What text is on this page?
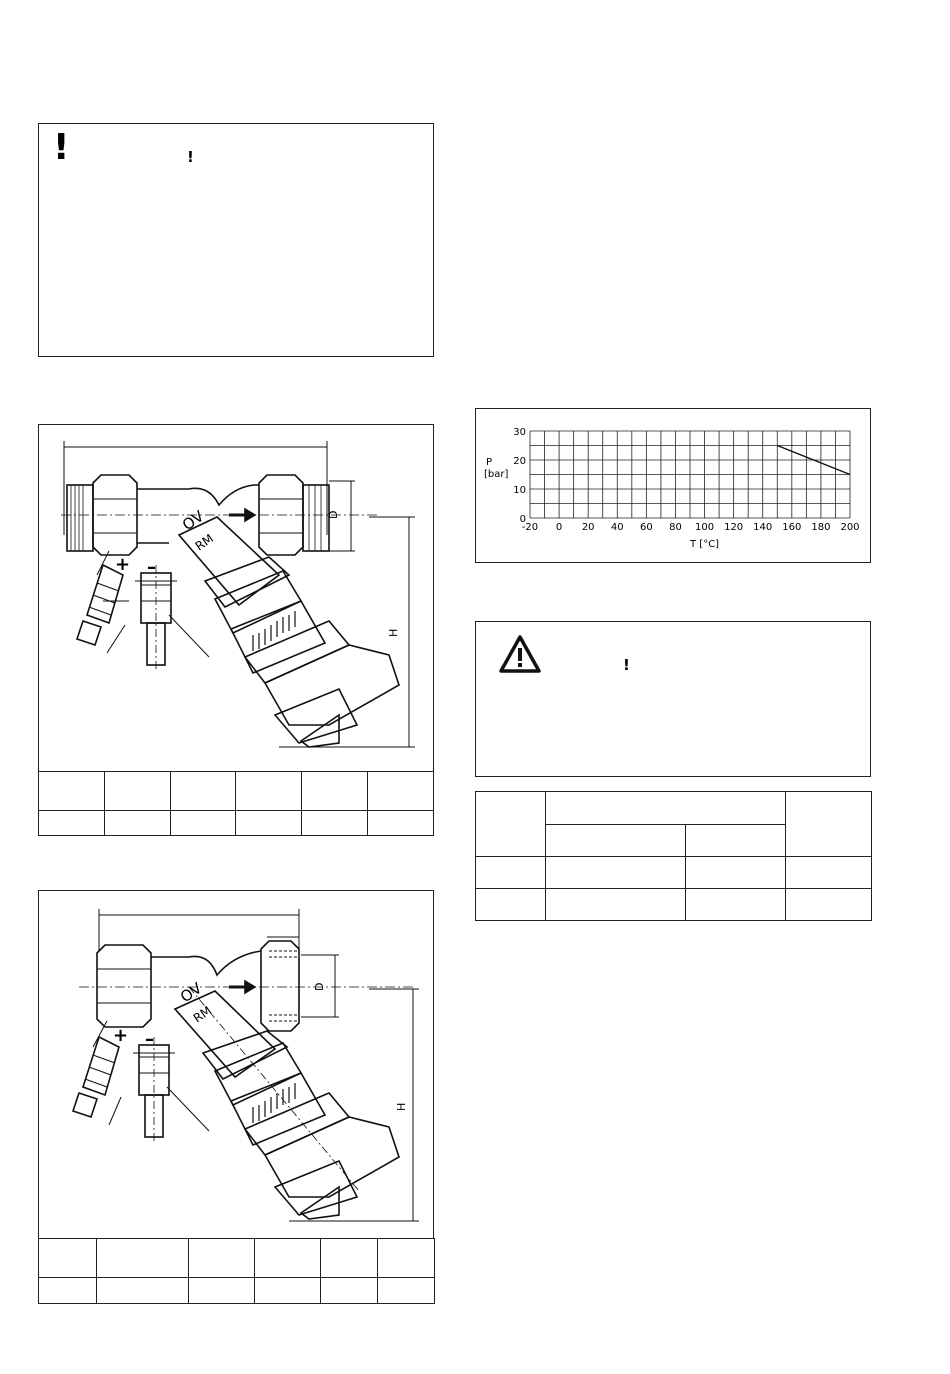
!	!
+ –
OV
RM
D
H

+ –
OV
RM
D
H

-20 0 20 40 60 80 100 120 140 160 180 200
0
10
20
30
P
[bar]
T [°C]
!
